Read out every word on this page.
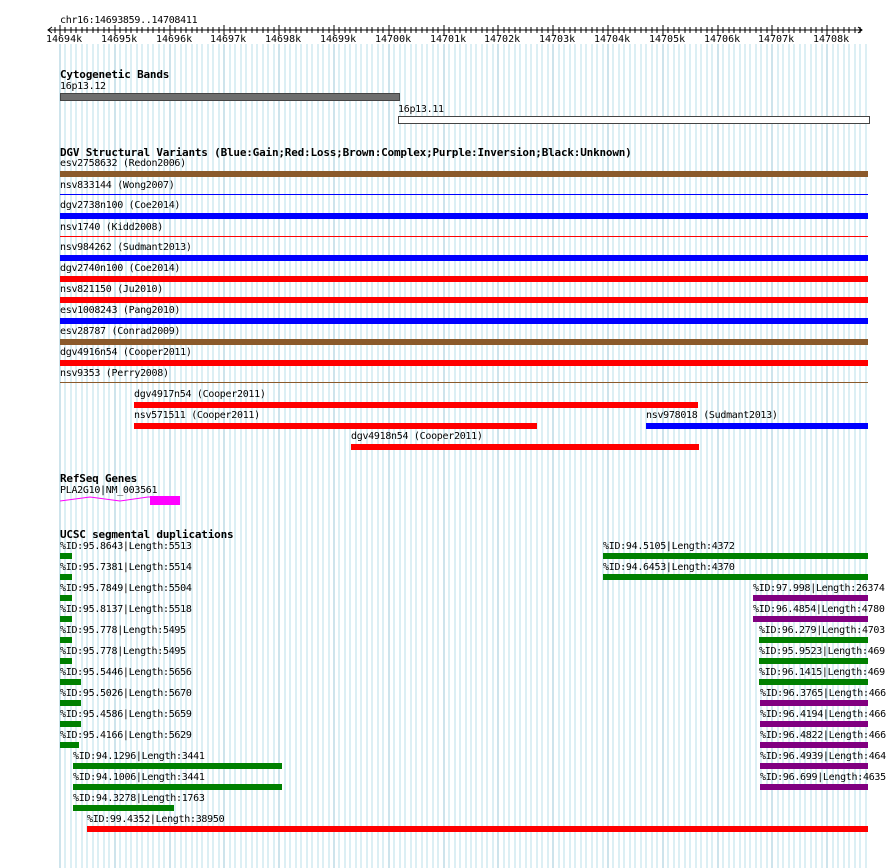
chr16:14693859..14708411
14694k 14695k 14696k 14697k 14698k 14699k 14700k 14701k 14702k 14703k 14704k 14705k 14706k 14707k 14708k
Cytogenetic Bands
16p13.12
16p13.11
DGV Structural Variants (Blue:Gain;Red:Loss;Brown:Complex;Purple:Inversion;Black:Unknown)
esv2758632 (Redon2006)
nsv833144 (Wong2007)
dgv2738n100 (Coe2014)
nsv1740 (Kidd2008)
nsv984262 (Sudmant2013)
dgv2740n100 (Coe2014)
nsv821150 (Ju2010)
esv1008243 (Pang2010)
esv28787 (Conrad2009)
dgv4916n54 (Cooper2011)
nsv9353 (Perry2008)
dgv4917n54 (Cooper2011)
nsv571511 (Cooper2011)	nsv978018 (Sudmant2013)
dgv4918n54 (Cooper2011)
RefSeq Genes
PLA2G10|NM_003561
UCSC segmental duplications
%ID:95.8643|Length:5513
%ID:95.7381|Length:5514
%ID:95.7849|Length:5504
%ID:95.8137|Length:5518
%ID:95.778|Length:5495
%ID:95.778|Length:5495
%ID:95.5446|Length:5656
%ID:95.5026|Length:5670
%ID:95.4586|Length:5659
%ID:95.4166|Length:5629
%ID:94.1296|Length:3441
%ID:94.1006|Length:3441
%ID:94.3278|Length:1763
%ID:99.4352|Length:38950
%ID:94.5105|Length:4372
%ID:94.6453|Length:4370
%ID:97.998|Length:26374
%ID:96.4854|Length:4780
%ID:96.279|Length:4703
%ID:95.9523|Length:469
%ID:96.1415|Length:469
%ID:96.3765|Length:466
%ID:96.4194|Length:466
%ID:96.4822|Length:466
%ID:96.4939|Length:464
%ID:96.699|Length:4635
